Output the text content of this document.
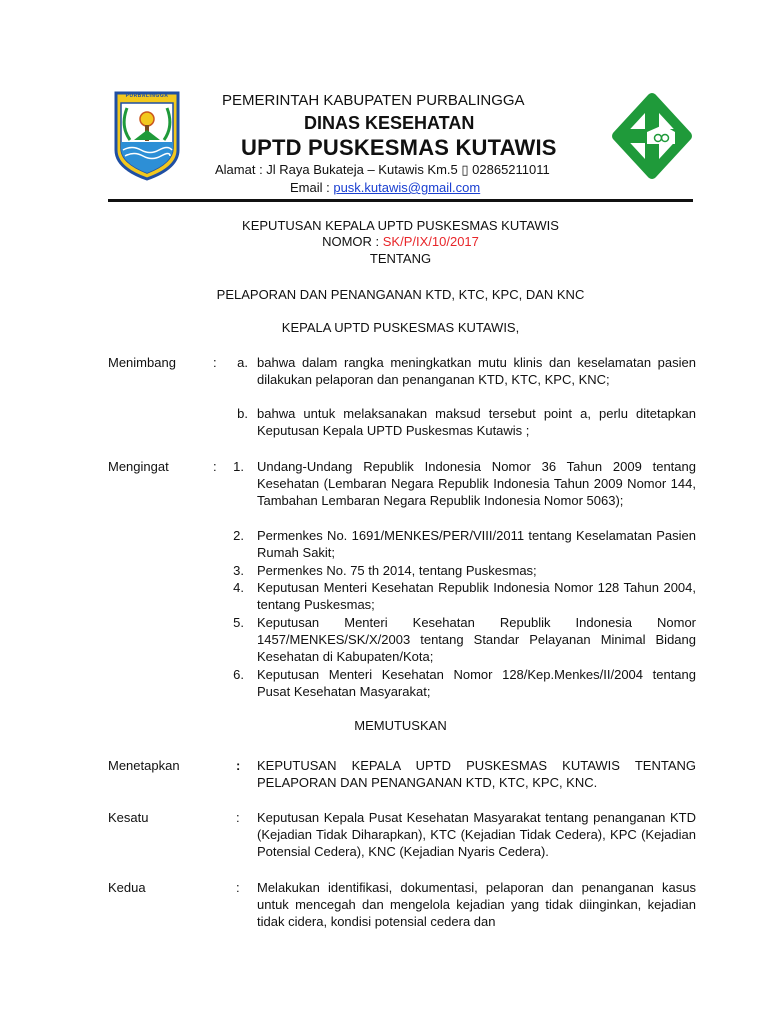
PURBALINGGA	PEMERINTAH KABUPATEN PURBALINGGA
DINAS KESEHATAN
UPTD PUSKESMAS KUTAWIS
Alamat : Jl Raya Bukateja – Kutawis Km.5 ▯ 02865211011
Email : pusk.kutawis@gmail.com
KEPUTUSAN KEPALA UPTD PUSKESMAS KUTAWIS
NOMOR : SK/P/IX/10/2017
TENTANG
PELAPORAN DAN PENANGANAN KTD, KTC, KPC, DAN KNC
KEPALA UPTD PUSKESMAS KUTAWIS,
Menimbang	:	a. bahwa dalam rangka meningkatkan mutu klinis dan keselamatan pasien dilakukan pelaporan dan penanganan KTD, KTC, KPC, KNC;
b. bahwa untuk melaksanakan maksud tersebut point a, perlu ditetapkan Keputusan Kepala UPTD Puskesmas Kutawis ;
Mengingat	:	1. Undang-Undang Republik Indonesia Nomor 36 Tahun 2009 tentang Kesehatan (Lembaran Negara Republik Indonesia Tahun 2009 Nomor 144, Tambahan Lembaran Negara Republik Indonesia Nomor 5063);
2. Permenkes No. 1691/MENKES/PER/VIII/2011 tentang Keselamatan Pasien Rumah Sakit;
3. Permenkes No. 75 th 2014, tentang Puskesmas;
4. Keputusan Menteri Kesehatan Republik Indonesia Nomor 128 Tahun 2004, tentang Puskesmas;
5. Keputusan Menteri Kesehatan Republik Indonesia Nomor 1457/MENKES/SK/X/2003 tentang Standar Pelayanan Minimal Bidang Kesehatan di Kabupaten/Kota;
6. Keputusan Menteri Kesehatan Nomor 128/Kep.Menkes/II/2004 tentang Pusat Kesehatan Masyarakat;
MEMUTUSKAN
Menetapkan	: KEPUTUSAN KEPALA UPTD PUSKESMAS KUTAWIS TENTANG PELAPORAN DAN PENANGANAN KTD, KTC, KPC, KNC.
Kesatu	: Keputusan Kepala Pusat Kesehatan Masyarakat tentang penanganan KTD (Kejadian Tidak Diharapkan), KTC (Kejadian Tidak Cedera), KPC (Kejadian Potensial Cedera), KNC (Kejadian Nyaris Cedera).
Kedua	: Melakukan identifikasi, dokumentasi, pelaporan dan penanganan kasus untuk mencegah dan mengelola kejadian yang tidak diinginkan, kejadian tidak cidera, kondisi potensial cedera dan
